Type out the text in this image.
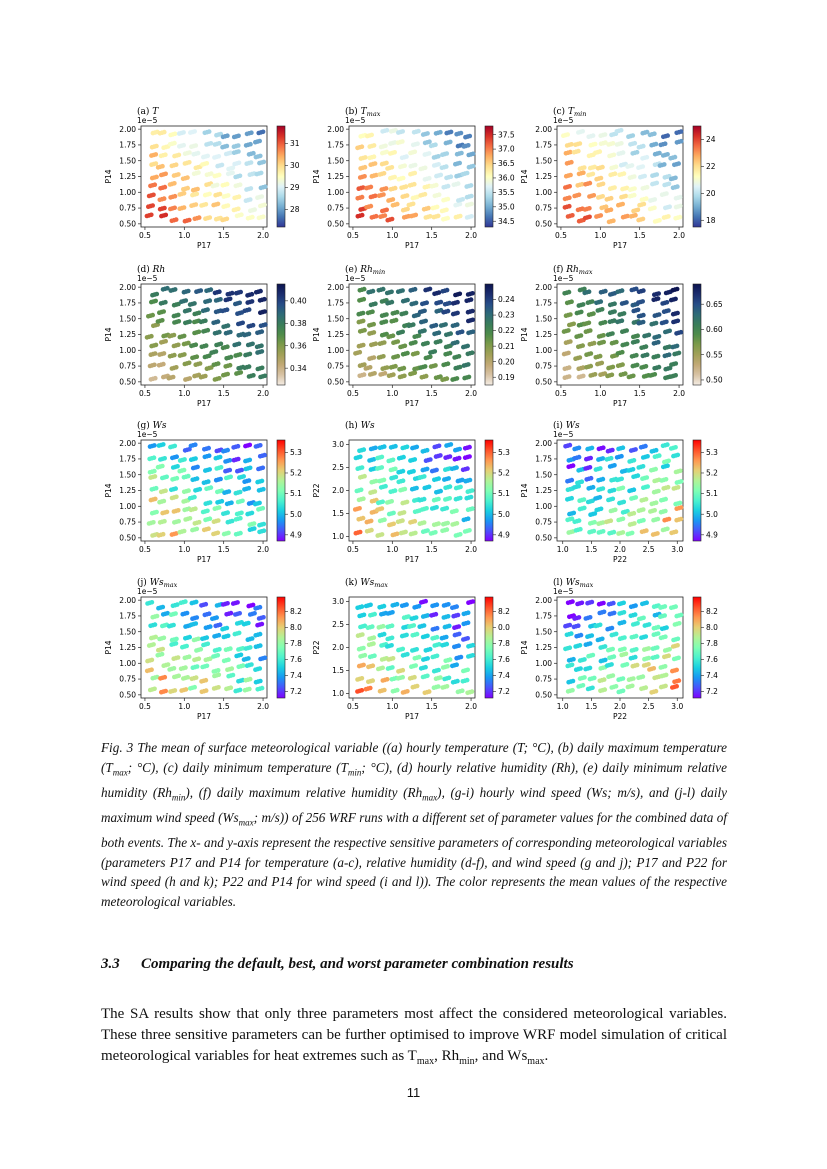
(a) T
1e−5
0.5	1.0	1.5	2.0
P17
0.50
0.75
1.00
1.25
1.50
1.75
2.00
P14
28
29
30
31
(b) $T_{max}$
1e−5
0.5	1.0	1.5	2.0
P17
0.50
0.75
1.00
1.25
1.50
1.75
2.00
P14
34.5
35.0
35.5
36.0
36.5
37.0
37.5
(c) $T_{min}$
1e−5
0.5	1.0	1.5	2.0
P17
0.50
0.75
1.00
1.25
1.50
1.75
2.00
P14
18
20
22
24
(d) Rh
1e−5
0.5	1.0	1.5	2.0
P17
0.50
0.75
1.00
1.25
1.50
1.75
2.00
P14
0.34
0.36
0.38
0.40
(e) $Rh_{min}$
1e−5
0.5	1.0	1.5	2.0
P17
0.50
0.75
1.00
1.25
1.50
1.75
2.00
P14
0.19
0.20
0.21
0.22
0.23
0.24
(f) $Rh_{max}$
1e−5
0.5	1.0	1.5	2.0
P17
0.50
0.75
1.00
1.25
1.50
1.75
2.00
P14
0.50
0.55
0.60
0.65
(g) Ws
1e−5
0.5	1.0	1.5	2.0
P17
0.50
0.75
1.00
1.25
1.50
1.75
2.00
P14
4.9
5.0
5.1
5.2
5.3
(h) Ws
0.5	1.0	1.5	2.0
P17
1.0
1.5
2.0
2.5
3.0
P22
4.9
5.0
5.1
5.2
5.3
(i) Ws
1e−5
1.0 1.5 2.0 2.5 3.0
P22
0.50
0.75
1.00
1.25
1.50
1.75
2.00
P14
4.9
5.0
5.1
5.2
5.3
(j) $Ws_{max}$
1e−5
0.5	1.0	1.5	2.0
P17
0.50
0.75
1.00
1.25
1.50
1.75
2.00
P14
7.2
7.4
7.6
7.8
8.0
8.2
(k) $Ws_{max}$
0.5	1.0	1.5	2.0
P17
1.0
1.5
2.0
2.5
3.0
P22
7.2
7.4
7.6
7.8
0.0
8.2
(l) $Ws_{max}$
1e−5
1.0 1.5 2.0 2.5 3.0
P22
0.50
0.75
1.00
1.25
1.50
1.75
2.00
P14
7.2
7.4
7.6
7.8
8.0
8.2
Fig. 3 The mean of surface meteorological variable ((a) hourly temperature (T; °C), (b) daily maximum temperature ($T_{max}$; °C), (c) daily minimum temperature ($T_{min}$; °C), (d) hourly relative humidity (Rh), (e) daily minimum relative humidity $(Rh_{min})$, (f) daily maximum relative humidity $(Rh_{max})$, (g-i) hourly wind speed (Ws; m/s), and (j-l) daily maximum wind speed ($Ws_{max}$; m/s)) of 256 WRF runs with a different set of parameter values for the combined data of both events. The x- and y-axis represent the respective sensitive parameters of corresponding meteorological variables (parameters P17 and P14 for temperature (a-c), relative humidity (d-f), and wind speed (g and j); P17 and P22 for wind speed (h and k); P22 and P14 for wind speed (i and l)). The color represents the mean values of the respective meteorological variables.
3.3 Comparing the default, best, and worst parameter combination results
The SA results show that only three parameters most affect the considered meteorological variables. These three sensitive parameters can be further optimised to improve WRF model simulation of critical meteorological variables for heat extremes such as $T_{max}$, $Rh_{min}$, and $Ws_{max}$.
11
